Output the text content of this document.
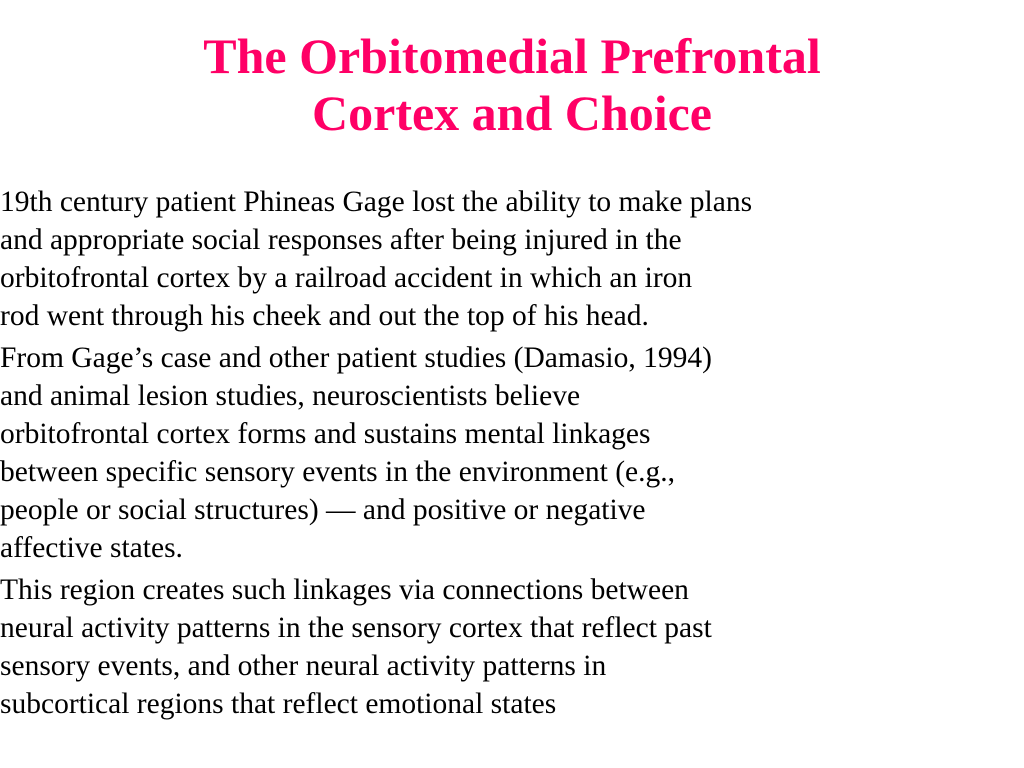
The Orbitomedial Prefrontal
Cortex and Choice
19th century patient Phineas Gage lost the ability to make plans
and appropriate social responses after being injured in the
orbitofrontal cortex by a railroad accident in which an iron
rod went through his cheek and out the top of his head.
From Gage’s case and other patient studies (Damasio, 1994)
and animal lesion studies, neuroscientists believe
orbitofrontal cortex forms and sustains mental linkages
between specific sensory events in the environment (e.g.,
people or social structures) — and positive or negative
affective states.
This region creates such linkages via connections between
neural activity patterns in the sensory cortex that reflect past
sensory events, and other neural activity patterns in
subcortical regions that reflect emotional states
